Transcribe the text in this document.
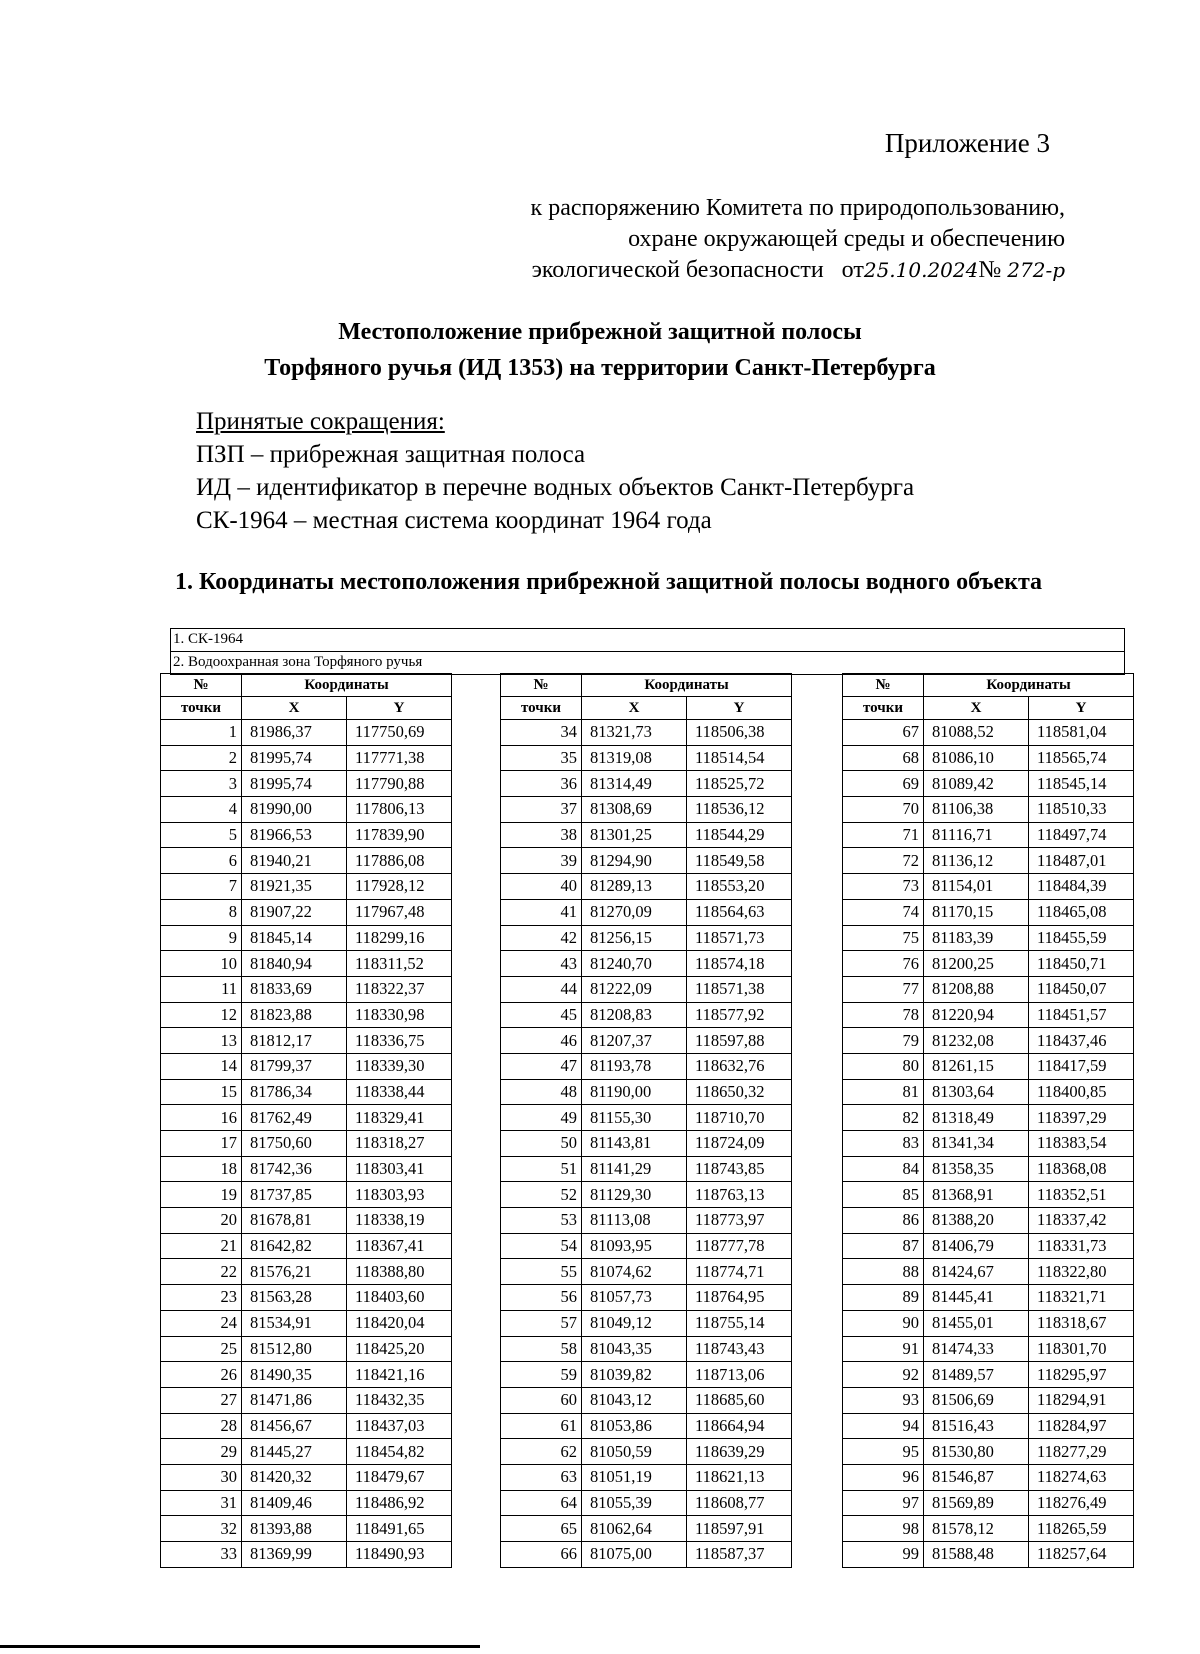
Приложение 3
к распоряжению Комитета по природопользованию,
охране окружающей среды и обеспечению
экологической безопасности от25.10.2024№ 272-р
Местоположение прибрежной защитной полосы
Торфяного ручья (ИД 1353) на территории Санкт-Петербурга
Принятые сокращения:
ПЗП – прибрежная защитная полоса
ИД – идентификатор в перечне водных объектов Санкт-Петербурга
СК-1964 – местная система координат 1964 года
1. Координаты местоположения прибрежной защитной полосы водного объекта
1. СК-1964
2. Водоохранная зона Торфяного ручья
№	Координаты	
точки	X	Y
1	81986,37	117750,69
2	81995,74	117771,38
3	81995,74	117790,88
4	81990,00	117806,13
5	81966,53	117839,90
6	81940,21	117886,08
7	81921,35	117928,12
8	81907,22	117967,48
9	81845,14	118299,16
10	81840,94	118311,52
11	81833,69	118322,37
12	81823,88	118330,98
13	81812,17	118336,75
14	81799,37	118339,30
15	81786,34	118338,44
16	81762,49	118329,41
17	81750,60	118318,27
18	81742,36	118303,41
19	81737,85	118303,93
20	81678,81	118338,19
21	81642,82	118367,41
22	81576,21	118388,80
23	81563,28	118403,60
24	81534,91	118420,04
25	81512,80	118425,20
26	81490,35	118421,16
27	81471,86	118432,35
28	81456,67	118437,03
29	81445,27	118454,82
30	81420,32	118479,67
31	81409,46	118486,92
32	81393,88	118491,65
33	81369,99	118490,93
№	Координаты	
точки	X	Y
34	81321,73	118506,38
35	81319,08	118514,54
36	81314,49	118525,72
37	81308,69	118536,12
38	81301,25	118544,29
39	81294,90	118549,58
40	81289,13	118553,20
41	81270,09	118564,63
42	81256,15	118571,73
43	81240,70	118574,18
44	81222,09	118571,38
45	81208,83	118577,92
46	81207,37	118597,88
47	81193,78	118632,76
48	81190,00	118650,32
49	81155,30	118710,70
50	81143,81	118724,09
51	81141,29	118743,85
52	81129,30	118763,13
53	81113,08	118773,97
54	81093,95	118777,78
55	81074,62	118774,71
56	81057,73	118764,95
57	81049,12	118755,14
58	81043,35	118743,43
59	81039,82	118713,06
60	81043,12	118685,60
61	81053,86	118664,94
62	81050,59	118639,29
63	81051,19	118621,13
64	81055,39	118608,77
65	81062,64	118597,91
66	81075,00	118587,37
№	Координаты	
точки	X	Y
67	81088,52	118581,04
68	81086,10	118565,74
69	81089,42	118545,14
70	81106,38	118510,33
71	81116,71	118497,74
72	81136,12	118487,01
73	81154,01	118484,39
74	81170,15	118465,08
75	81183,39	118455,59
76	81200,25	118450,71
77	81208,88	118450,07
78	81220,94	118451,57
79	81232,08	118437,46
80	81261,15	118417,59
81	81303,64	118400,85
82	81318,49	118397,29
83	81341,34	118383,54
84	81358,35	118368,08
85	81368,91	118352,51
86	81388,20	118337,42
87	81406,79	118331,73
88	81424,67	118322,80
89	81445,41	118321,71
90	81455,01	118318,67
91	81474,33	118301,70
92	81489,57	118295,97
93	81506,69	118294,91
94	81516,43	118284,97
95	81530,80	118277,29
96	81546,87	118274,63
97	81569,89	118276,49
98	81578,12	118265,59
99	81588,48	118257,64
